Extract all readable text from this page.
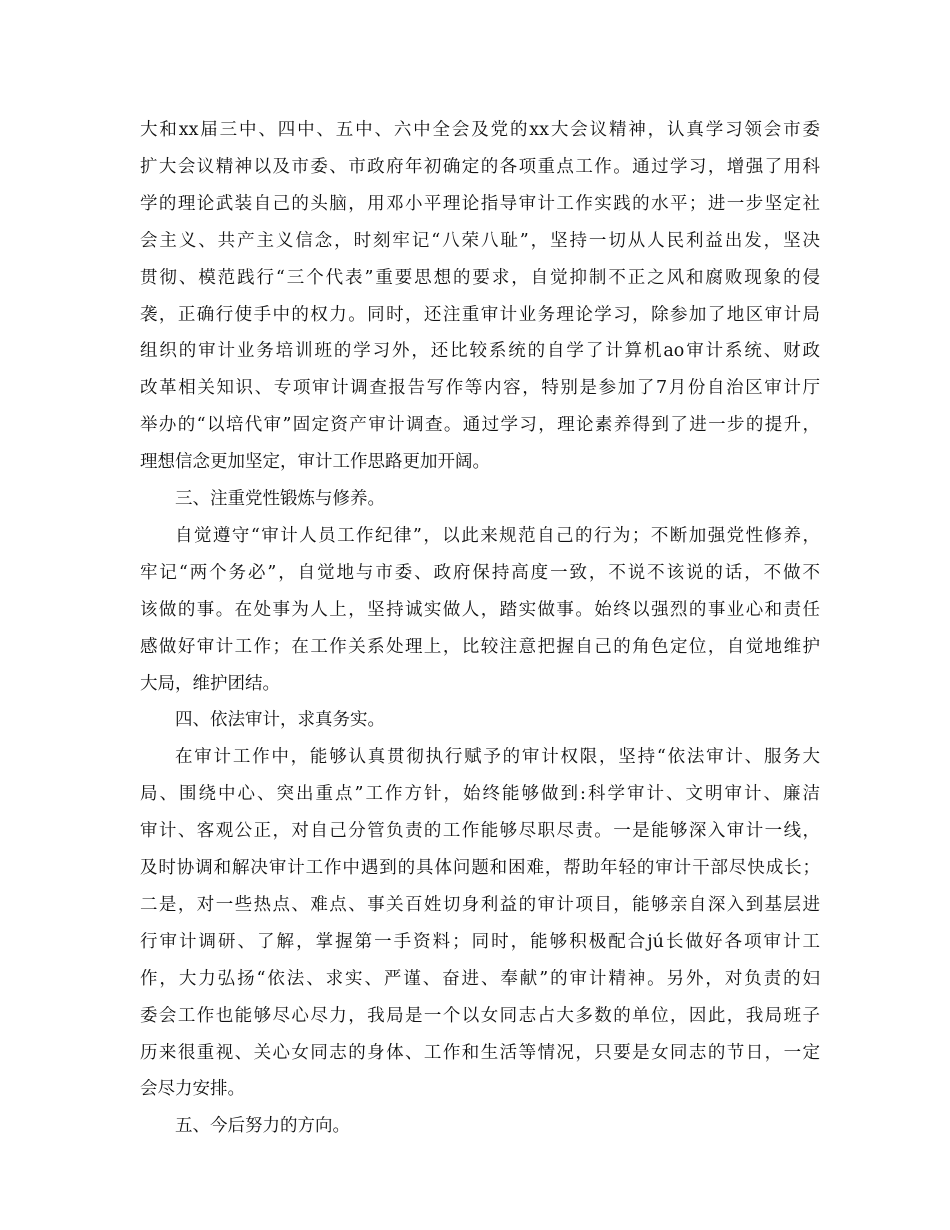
大和xx届三中、四中、五中、六中全会及党的xx大会议精神，认真学习领会市委
扩大会议精神以及市委、市政府年初确定的各项重点工作。通过学习，增强了用科
学的理论武装自己的头脑，用邓小平理论指导审计工作实践的水平；进一步坚定社
会主义、共产主义信念，时刻牢记“八荣八耻”，坚持一切从人民利益出发，坚决
贯彻、模范践行“三个代表”重要思想的要求，自觉抑制不正之风和腐败现象的侵
袭，正确行使手中的权力。同时，还注重审计业务理论学习，除参加了地区审计局
组织的审计业务培训班的学习外，还比较系统的自学了计算机ao审计系统、财政
改革相关知识、专项审计调查报告写作等内容，特别是参加了7月份自治区审计厅
举办的“以培代审”固定资产审计调查。通过学习，理论素养得到了进一步的提升，
理想信念更加坚定，审计工作思路更加开阔。
三、注重党性锻炼与修养。
自觉遵守“审计人员工作纪律”，以此来规范自己的行为；不断加强党性修养，
牢记“两个务必”，自觉地与市委、政府保持高度一致，不说不该说的话，不做不
该做的事。在处事为人上，坚持诚实做人，踏实做事。始终以强烈的事业心和责任
感做好审计工作；在工作关系处理上，比较注意把握自己的角色定位，自觉地维护
大局，维护团结。
四、依法审计，求真务实。
在审计工作中，能够认真贯彻执行赋予的审计权限，坚持“依法审计、服务大
局、围绕中心、突出重点”工作方针，始终能够做到:科学审计、文明审计、廉洁
审计、客观公正，对自己分管负责的工作能够尽职尽责。一是能够深入审计一线，
及时协调和解决审计工作中遇到的具体问题和困难，帮助年轻的审计干部尽快成长；
二是，对一些热点、难点、事关百姓切身利益的审计项目，能够亲自深入到基层进
行审计调研、了解，掌握第一手资料；同时，能够积极配合jú长做好各项审计工
作，大力弘扬“依法、求实、严谨、奋进、奉献”的审计精神。另外，对负责的妇
委会工作也能够尽心尽力，我局是一个以女同志占大多数的单位，因此，我局班子
历来很重视、关心女同志的身体、工作和生活等情况，只要是女同志的节日，一定
会尽力安排。
五、今后努力的方向。
